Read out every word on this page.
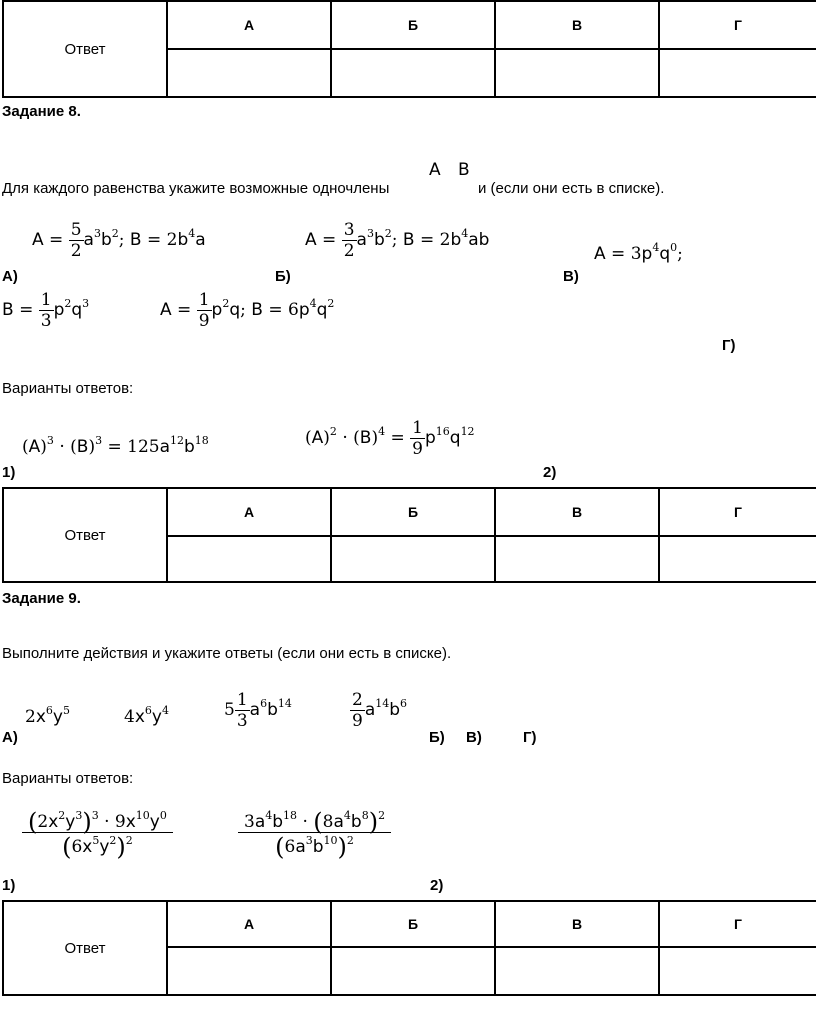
Ответ	А	Б	В	Г

Задание 8.
Для каждого равенства укажите возможные одночлены
А В
и (если они есть в списке).
А)
$A = \frac{5}{2} a^3b^2$; $B = 2b^4a$
Б)
$A = \frac{3}{2} a^3b^2$; $B = 2b^4ab$
В)
$A = 3p^4q^0$;
$B = \frac{1}{3} p^2q^3$	$A = \frac{1}{9} p^2q$; $B = 6p^4q^2$
Г)
Варианты ответов:
1)
$(A)^3 \cdot (B)^3 = 125a^{12}b^{18}$	$(A)^2 \cdot (B)^4 = \frac{1}{9} p^{16}q^{12}$
2)
Ответ	А	Б	В	Г

Задание 9.
Выполните действия и укажите ответы (если они есть в списке).
А)
$2x^6y^5$	$4x^6y^4$	$5 \frac{1}{3} a^6b^{14}$	$\frac{2}{9} a^{14}b^6$
Б) В)	Г)
Варианты ответов:
$\frac{(2x^2y^3)^3 \cdot 9x^{10}y^0}{(6x^5y^2)^2}$
1)
$\frac{3a^4b^{18} \cdot (8a^4b^8)^2}{(6a^3b^{10})^2}$
2)
Ответ	А	Б	В	Г
